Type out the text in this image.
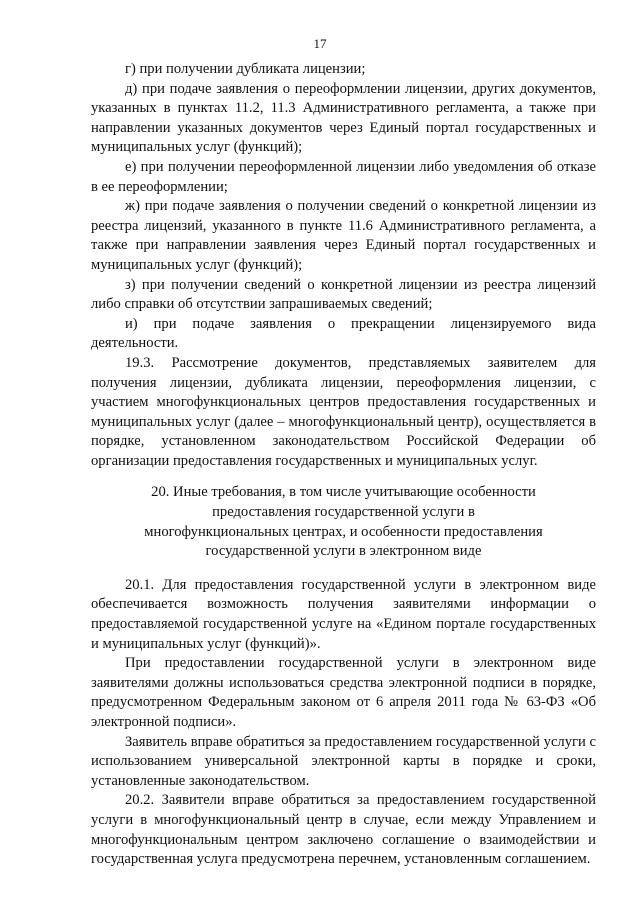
17

г) при получении дубликата лицензии;

д) при подаче заявления о переоформлении лицензии, других документов, указанных в пунктах 11.2, 11.3 Административного регламента, а также при направлении указанных документов через Единый портал государственных и муниципальных услуг (функций);

е) при получении переоформленной лицензии либо уведомления об отказе в ее переоформлении;

ж) при подаче заявления о получении сведений о конкретной лицензии из реестра лицензий, указанного в пункте 11.6 Административного регламента, а также при направлении заявления через Единый портал государственных и муниципальных услуг (функций);

з) при получении сведений о конкретной лицензии из реестра лицензий либо справки об отсутствии запрашиваемых сведений;

и) при подаче заявления о прекращении лицензируемого вида деятельности.

19.3. Рассмотрение документов, представляемых заявителем для получения лицензии, дубликата лицензии, переоформления лицензии, с участием многофункциональных центров предоставления государственных и муниципальных услуг (далее – многофункциональный центр), осуществляется в порядке, установленном законодательством Российской Федерации об организации предоставления государственных и муниципальных услуг.

20. Иные требования, в том числе учитывающие особенности предоставления государственной услуги в многофункциональных центрах, и особенности предоставления государственной услуги в электронном виде

20.1. Для предоставления государственной услуги в электронном виде обеспечивается возможность получения заявителями информации о предоставляемой государственной услуге на «Едином портале государственных и муниципальных услуг (функций)».

При предоставлении государственной услуги в электронном виде заявителями должны использоваться средства электронной подписи в порядке, предусмотренном Федеральным законом от 6 апреля 2011 года № 63-ФЗ «Об электронной подписи».

Заявитель вправе обратиться за предоставлением государственной услуги с использованием универсальной электронной карты в порядке и сроки, установленные законодательством.

20.2. Заявители вправе обратиться за предоставлением государственной услуги в многофункциональный центр в случае, если между Управлением и многофункциональным центром заключено соглашение о взаимодействии и государственная услуга предусмотрена перечнем, установленным соглашением.
